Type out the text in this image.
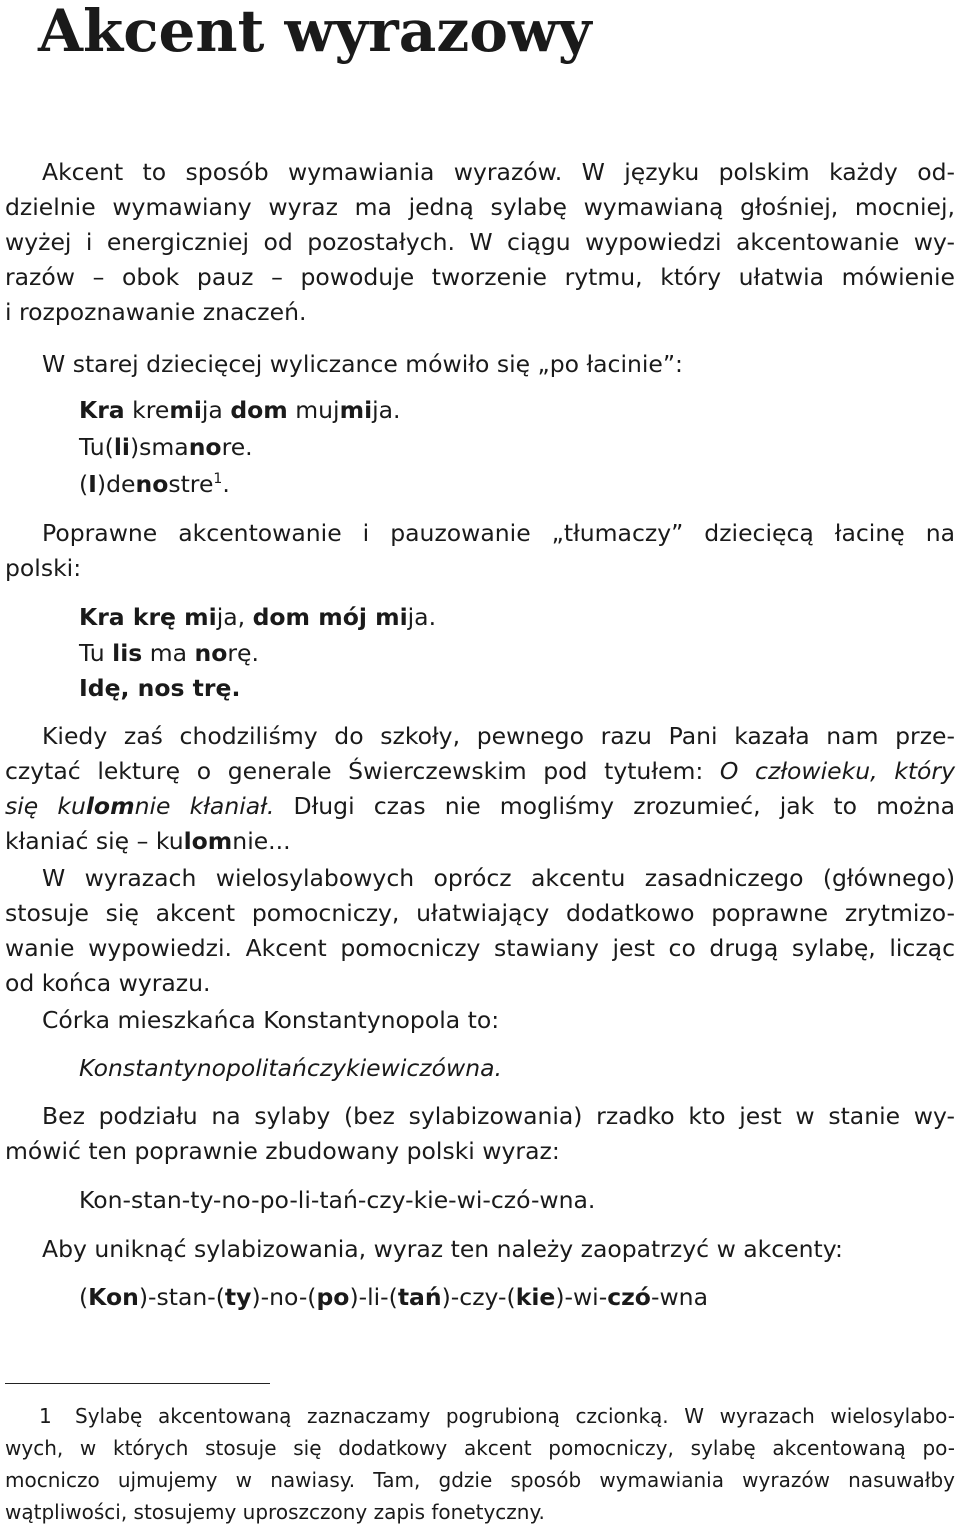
Akcent wyrazowy
Akcent to sposób wymawiania wyrazów. W języku polskim każdy od-
dzielnie wymawiany wyraz ma jedną sylabę wymawianą głośniej, mocniej,
wyżej i energiczniej od pozostałych. W ciągu wypowiedzi akcentowanie wy-
razów – obok pauz – powoduje tworzenie rytmu, który ułatwia mówienie
i rozpoznawanie znaczeń.
W starej dziecięcej wyliczance mówiło się „po łacinie”:
Kra kremija dom mujmija.
Tu(li)smanore.
(I)denostre$^1$.
Poprawne akcentowanie i pauzowanie „tłumaczy” dziecięcą łacinę na
polski:
Kra krę mija, dom mój mija.
Tu lis ma norę.
Idę, nos trę.
Kiedy zaś chodziliśmy do szkoły, pewnego razu Pani kazała nam prze-
czytać lekturę o generale Świerczewskim pod tytułem: O człowieku, który
się kulomnie kłaniał. Długi czas nie mogliśmy zrozumieć, jak to można
kłaniać się – kulomnie...
W wyrazach wielosylabowych oprócz akcentu zasadniczego (głównego)
stosuje się akcent pomocniczy, ułatwiający dodatkowo poprawne zrytmizo-
wanie wypowiedzi. Akcent pomocniczy stawiany jest co drugą sylabę, licząc
od końca wyrazu.
Córka mieszkańca Konstantynopola to:
Konstantynopolitańczykiewiczówna.
Bez podziału na sylaby (bez sylabizowania) rzadko kto jest w stanie wy-
mówić ten poprawnie zbudowany polski wyraz:
Kon-stan-ty-no-po-li-tań-czy-kie-wi-czó-wna.
Aby uniknąć sylabizowania, wyraz ten należy zaopatrzyć w akcenty:
(Kon)-stan-(ty)-no-(po)-li-(tań)-czy-(kie)-wi-czó-wna
1 Sylabę akcentowaną zaznaczamy pogrubioną czcionką. W wyrazach wielosylabo-
wych, w których stosuje się dodatkowy akcent pomocniczy, sylabę akcentowaną po-
mocniczo ujmujemy w nawiasy. Tam, gdzie sposób wymawiania wyrazów nasuwałby
wątpliwości, stosujemy uproszczony zapis fonetyczny.
